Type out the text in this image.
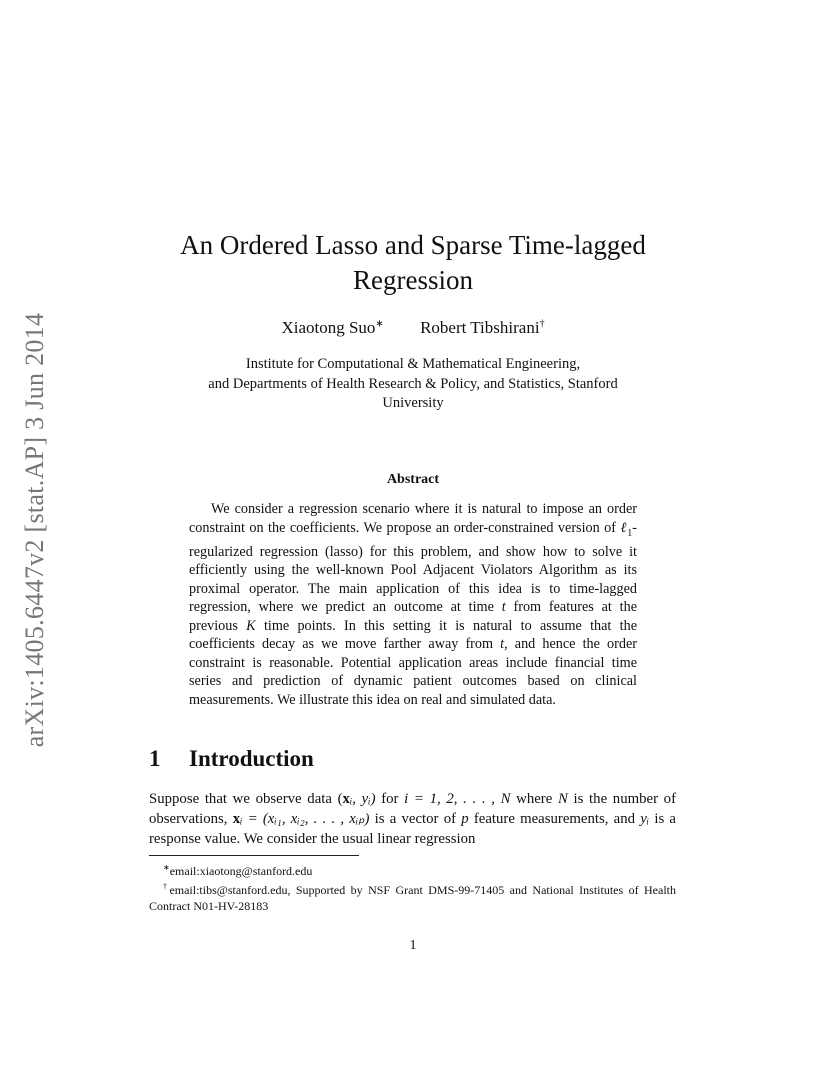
arXiv:1405.6447v2 [stat.AP] 3 Jun 2014
An Ordered Lasso and Sparse Time-lagged Regression
Xiaotong Suo∗ Robert Tibshirani†
Institute for Computational & Mathematical Engineering,
and Departments of Health Research & Policy, and Statistics, Stanford
University
Abstract

We consider a regression scenario where it is natural to impose an order constraint on the coefficients. We propose an order-constrained version of ℓ$_1$-regularized regression (lasso) for this problem, and show how to solve it efficiently using the well-known Pool Adjacent Violators Algorithm as its proximal operator. The main application of this idea is to time-lagged regression, where we predict an outcome at time t from features at the previous K time points. In this setting it is natural to assume that the coefficients decay as we move farther away from t, and hence the order constraint is reasonable. Potential application areas include financial time series and prediction of dynamic patient outcomes based on clinical measurements. We illustrate this idea on real and simulated data.

1 Introduction

Suppose that we observe data (xᵢ, yᵢ) for i = 1, 2, . . . , N where N is the number of observations, xᵢ = (xᵢ₁, xᵢ₂, . . . , xᵢₚ) is a vector of p feature measurements, and yᵢ is a response value. We consider the usual linear regression

∗email:xiaotong@stanford.edu

†email:tibs@stanford.edu, Supported by NSF Grant DMS-99-71405 and National Institutes of Health Contract N01-HV-28183

1
